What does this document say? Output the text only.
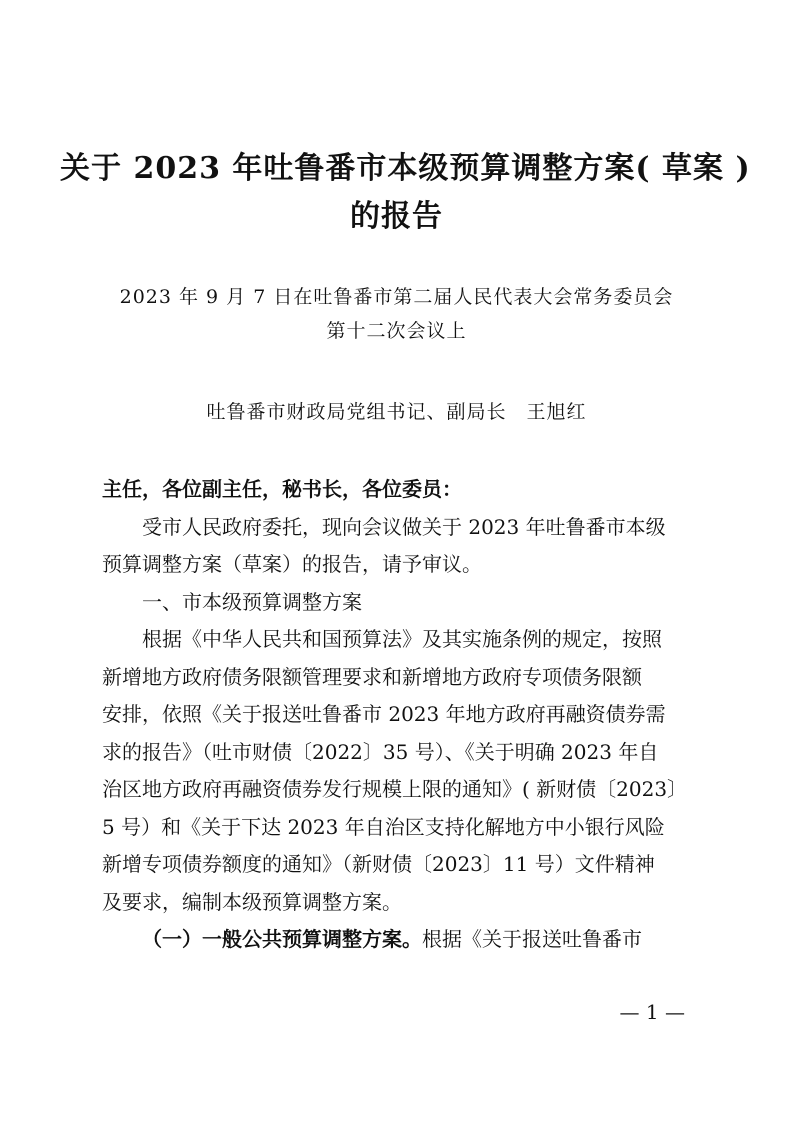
关于 2023 年吐鲁番市本级预算调整方案( 草案 )
的报告
2023 年 9 月 7 日在吐鲁番市第二届人民代表大会常务委员会
第十二次会议上
吐鲁番市财政局党组书记、副局长　王旭红
主任，各位副主任，秘书长，各位委员：
受市人民政府委托，现向会议做关于 2023 年吐鲁番市本级
预算调整方案（草案）的报告，请予审议。
一、市本级预算调整方案
根据《中华人民共和国预算法》及其实施条例的规定，按照
新增地方政府债务限额管理要求和新增地方政府专项债务限额
安排，依照《关于报送吐鲁番市 2023 年地方政府再融资债券需
求的报告》（吐市财债〔2022〕35 号）、《关于明确 2023 年自
治区地方政府再融资债券发行规模上限的通知》( 新财债〔2023〕
5 号）和《关于下达 2023 年自治区支持化解地方中小银行风险
新增专项债券额度的通知》（新财债〔2023〕11 号）文件精神
及要求，编制本级预算调整方案。
（一）一般公共预算调整方案。根据《关于报送吐鲁番市
— 1 —
